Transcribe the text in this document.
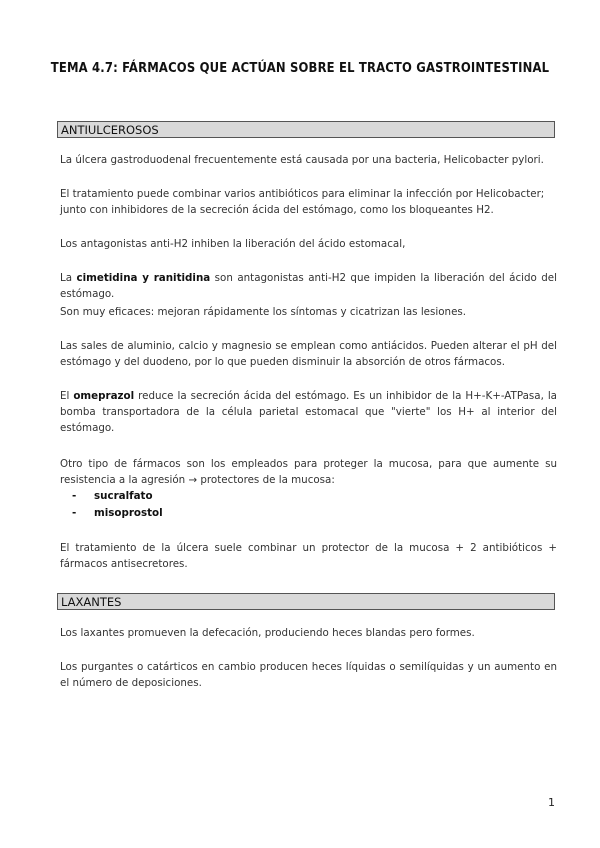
TEMA 4.7: FÁRMACOS QUE ACTÚAN SOBRE EL TRACTO GASTROINTESTINAL
ANTIULCEROSOS

La úlcera gastroduodenal frecuentemente está causada por una bacteria, Helicobacter pylori.

El tratamiento puede combinar varios antibióticos para eliminar la infección por Helicobacter; junto con inhibidores de la secreción ácida del estómago, como los bloqueantes H2.

Los antagonistas anti-H2 inhiben la liberación del ácido estomacal,

La cimetidina y ranitidina son antagonistas anti-H2 que impiden la liberación del ácido del estómago.

Son muy eficaces: mejoran rápidamente los síntomas y cicatrizan las lesiones.

Las sales de aluminio, calcio y magnesio se emplean como antiácidos. Pueden alterar el pH del estómago y del duodeno, por lo que pueden disminuir la absorción de otros fármacos.

El omeprazol reduce la secreción ácida del estómago. Es un inhibidor de la H+-K+-ATPasa, la bomba transportadora de la célula parietal estomacal que "vierte" los H+ al interior del estómago.

Otro tipo de fármacos son los empleados para proteger la mucosa, para que aumente su resistencia a la agresión → protectores de la mucosa:

- sucralfato
- misoprostol

El tratamiento de la úlcera suele combinar un protector de la mucosa + 2 antibióticos + fármacos antisecretores.

LAXANTES

Los laxantes promueven la defecación, produciendo heces blandas pero formes.

Los purgantes o catárticos en cambio producen heces líquidas o semilíquidas y un aumento en el número de deposiciones.

1
